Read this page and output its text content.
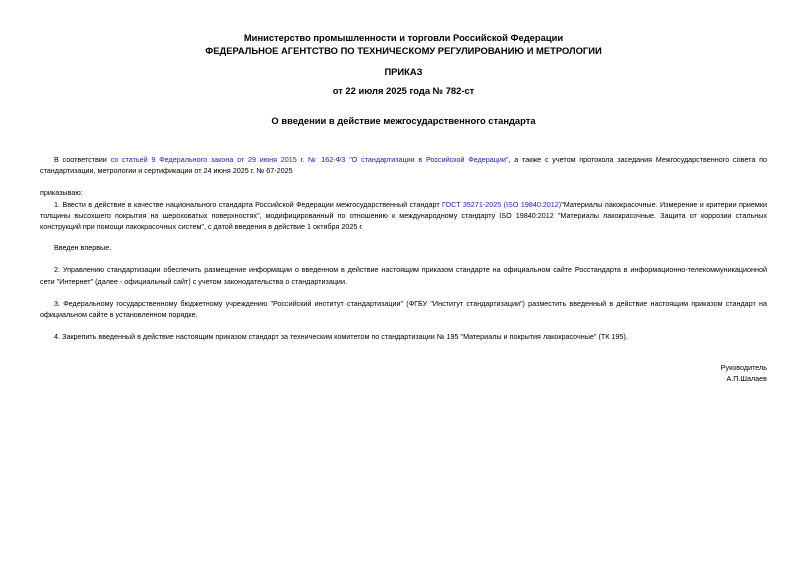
Министерство промышленности и торговли Российской Федерации
ФЕДЕРАЛЬНОЕ АГЕНТСТВО ПО ТЕХНИЧЕСКОМУ РЕГУЛИРОВАНИЮ И МЕТРОЛОГИИ
ПРИКАЗ
от 22 июля 2025 года № 782-ст
О введении в действие межгосударственного стандарта

В соответствии со статьей 9 Федерального закона от 29 июня 2015 г. № 162-ФЗ "О стандартизации в Российской Федерации", а также с учетом протокола заседания Межгосударственного совета по стандартизации, метрологии и сертификации от 24 июня 2025 г. № 67-2025

приказываю:

1. Ввести в действие в качестве национального стандарта Российской Федерации межгосударственный стандарт ГОСТ 35271-2025 (ISO 19840:2012)"Материалы лакокрасочные. Измерение и критерии приемки толщины высохшего покрытия на шероховатых поверхностях", модифицированный по отношению к международному стандарту ISO 19840:2012 "Материалы лакокрасочные. Защита от коррозии стальных конструкций при помощи лакокрасочных систем", с датой введения в действие 1 октября 2025 г.

Введен впервые.

2. Управлению стандартизации обеспечить размещение информации о введенном в действие настоящим приказом стандарте на официальном сайте Росстандарта в информационно-телекоммуникационной сети "Интернет" (далее - официальный сайт) с учетом законодательства о стандартизации.

3. Федеральному государственному бюджетному учреждению "Российский институт стандартизации" (ФГБУ "Институт стандартизации") разместить введенный в действие настоящим приказом стандарт на официальном сайте в установленном порядке.

4. Закрепить введенный в действие настоящим приказом стандарт за техническим комитетом по стандартизации № 195 "Материалы и покрытия лакокрасочные" (ТК 195).

Руководитель
А.П.Шалаев
